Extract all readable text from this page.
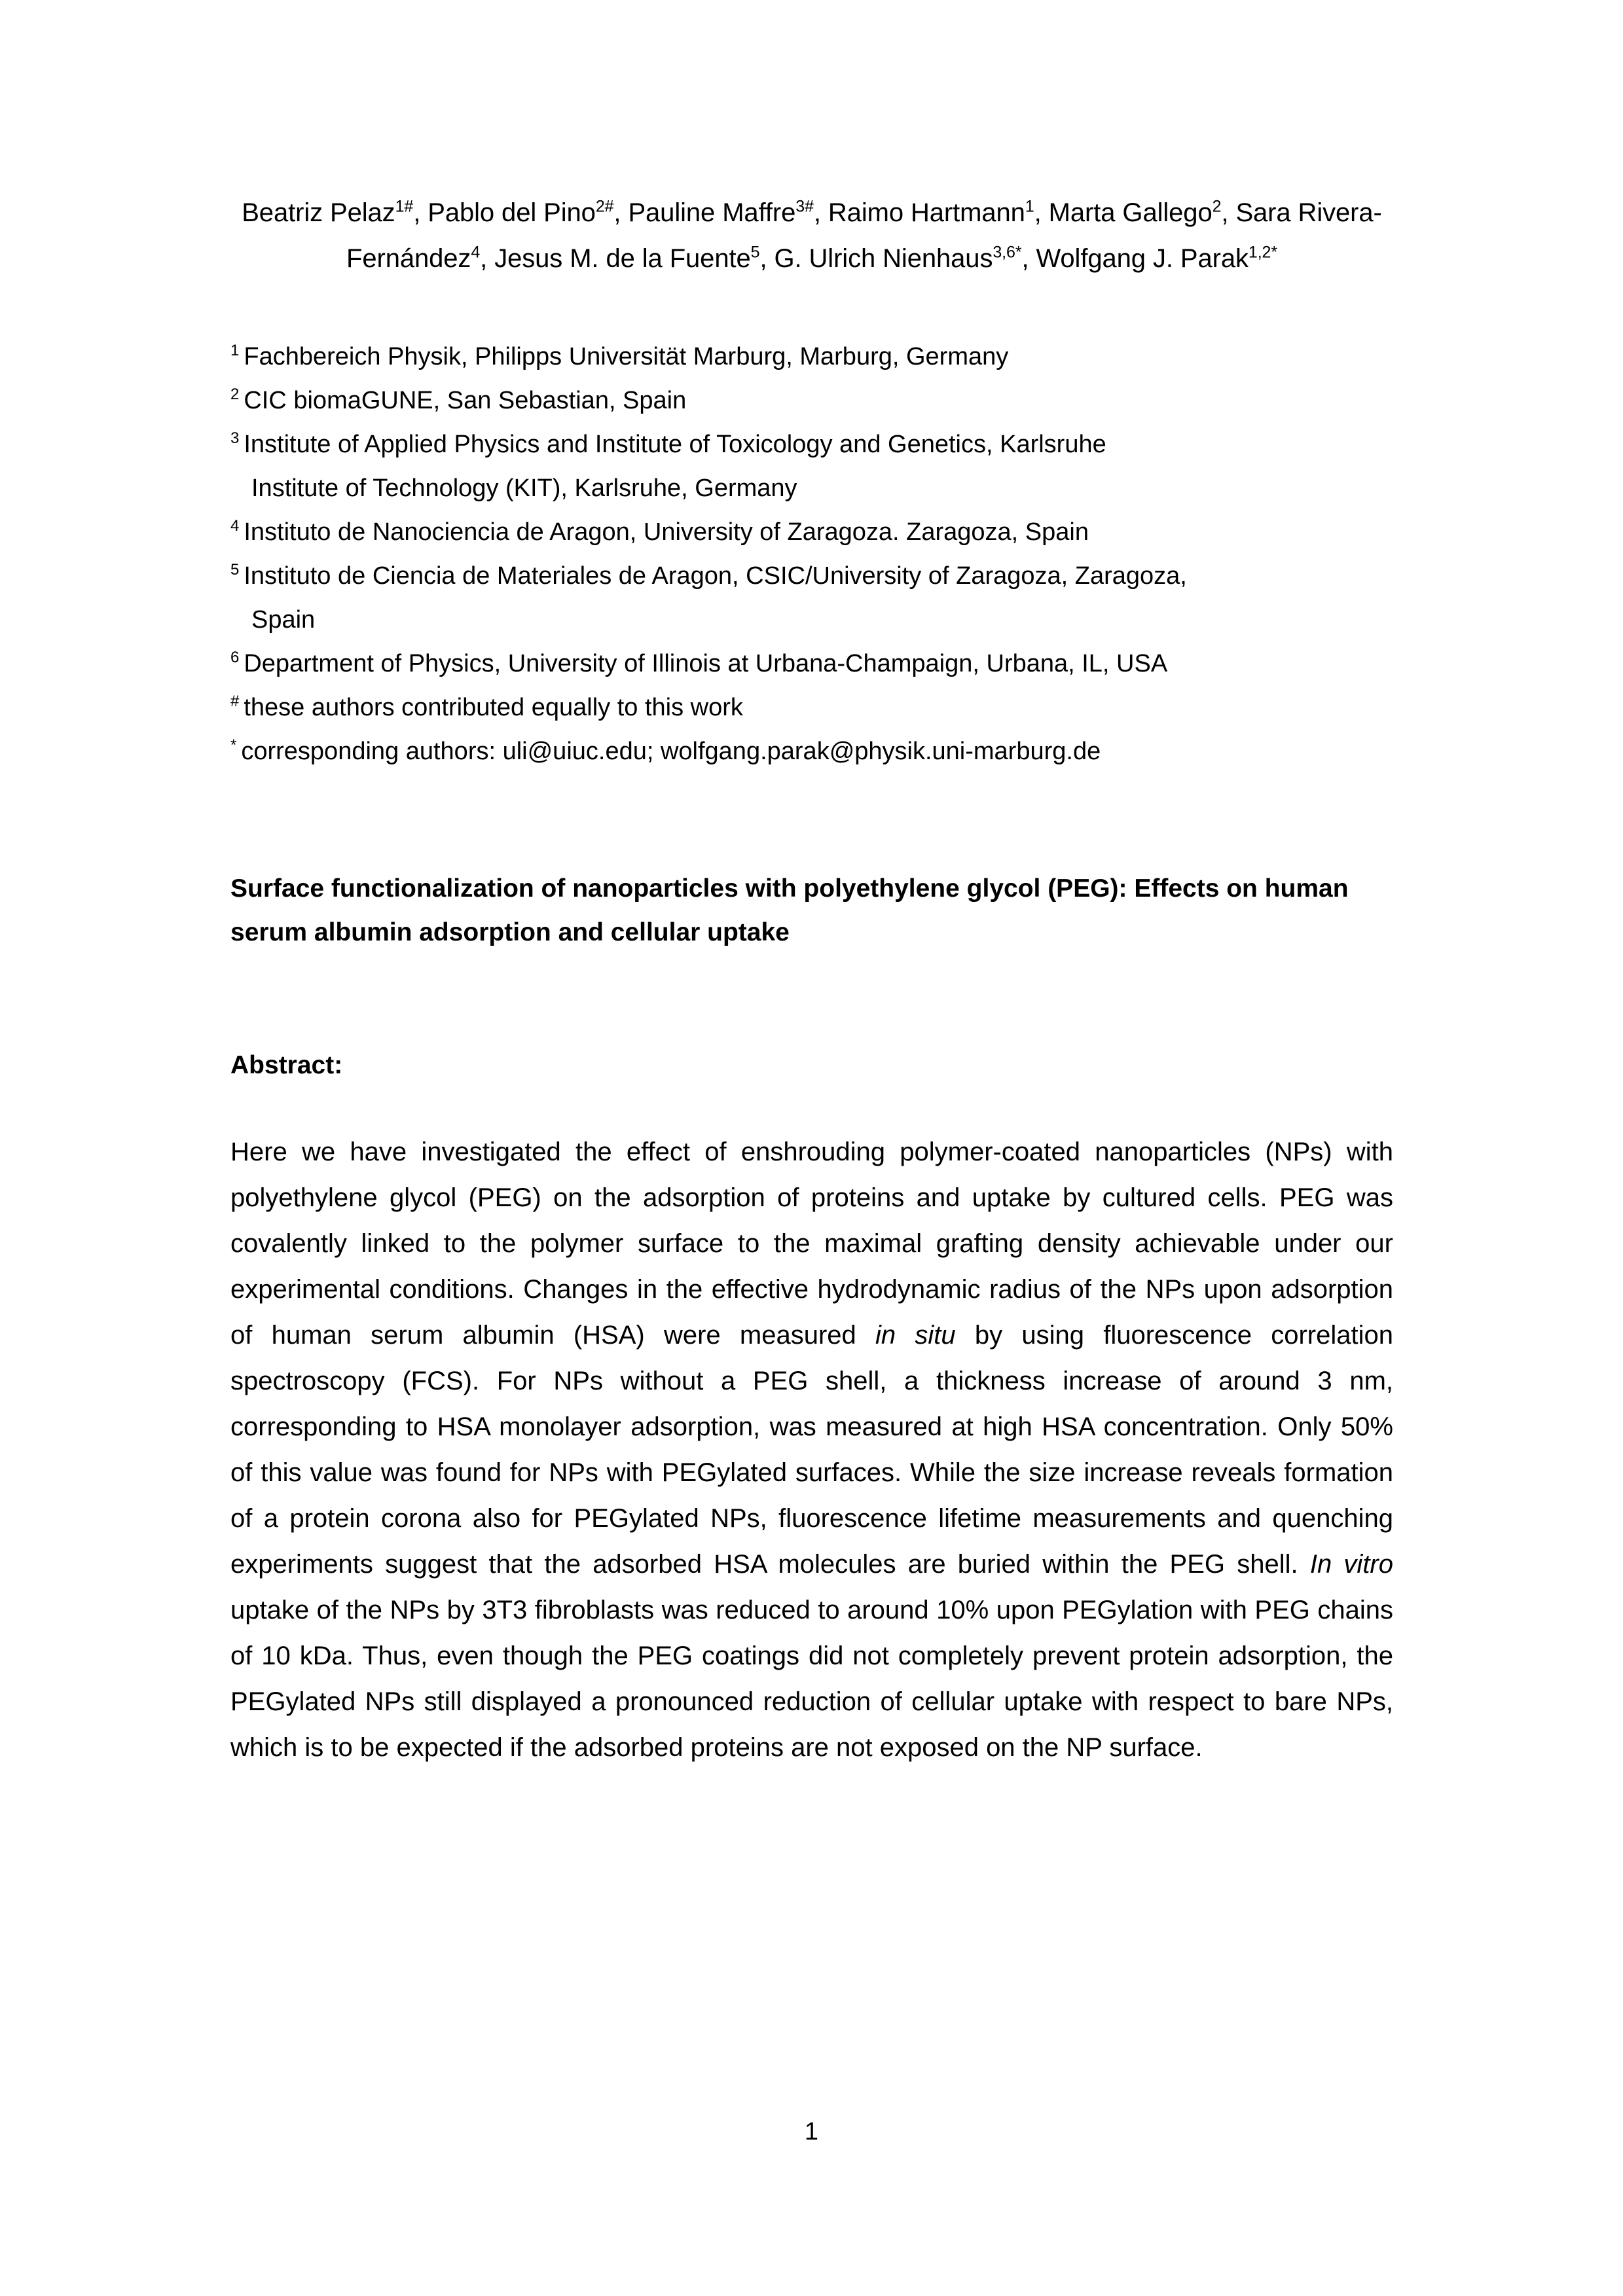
Beatriz Pelaz$^{1\#}$, Pablo del Pino$^{2\#}$, Pauline Maffre$^{3\#}$, Raimo Hartmann$^1$, Marta Gallego$^2$, Sara Rivera-Fernández$^4$, Jesus M. de la Fuente$^5$, G. Ulrich Nienhaus$^{3,6*}$, Wolfgang J. Parak$^{1,2*}$
$^1$ Fachbereich Physik, Philipps Universität Marburg, Marburg, Germany
$^2$ CIC biomaGUNE, San Sebastian, Spain
$^3$ Institute of Applied Physics and Institute of Toxicology and Genetics, Karlsruhe
Institute of Technology (KIT), Karlsruhe, Germany
$^4$ Instituto de Nanociencia de Aragon, University of Zaragoza. Zaragoza, Spain
$^5$ Instituto de Ciencia de Materiales de Aragon, CSIC/University of Zaragoza, Zaragoza,
Spain
$^6$ Department of Physics, University of Illinois at Urbana-Champaign, Urbana, IL, USA
# these authors contributed equally to this work
* corresponding authors: uli@uiuc.edu; wolfgang.parak@physik.uni-marburg.de
Surface functionalization of nanoparticles with polyethylene glycol (PEG): Effects on human serum albumin adsorption and cellular uptake
Abstract:
Here we have investigated the effect of enshrouding polymer-coated nanoparticles (NPs) with polyethylene glycol (PEG) on the adsorption of proteins and uptake by cultured cells. PEG was covalently linked to the polymer surface to the maximal grafting density achievable under our experimental conditions. Changes in the effective hydrodynamic radius of the NPs upon adsorption of human serum albumin (HSA) were measured in situ by using fluorescence correlation spectroscopy (FCS). For NPs without a PEG shell, a thickness increase of around 3 nm, corresponding to HSA monolayer adsorption, was measured at high HSA concentration. Only 50% of this value was found for NPs with PEGylated surfaces. While the size increase reveals formation of a protein corona also for PEGylated NPs, fluorescence lifetime measurements and quenching experiments suggest that the adsorbed HSA molecules are buried within the PEG shell. In vitro uptake of the NPs by 3T3 fibroblasts was reduced to around 10% upon PEGylation with PEG chains of 10 kDa. Thus, even though the PEG coatings did not completely prevent protein adsorption, the PEGylated NPs still displayed a pronounced reduction of cellular uptake with respect to bare NPs, which is to be expected if the adsorbed proteins are not exposed on the NP surface.
1
